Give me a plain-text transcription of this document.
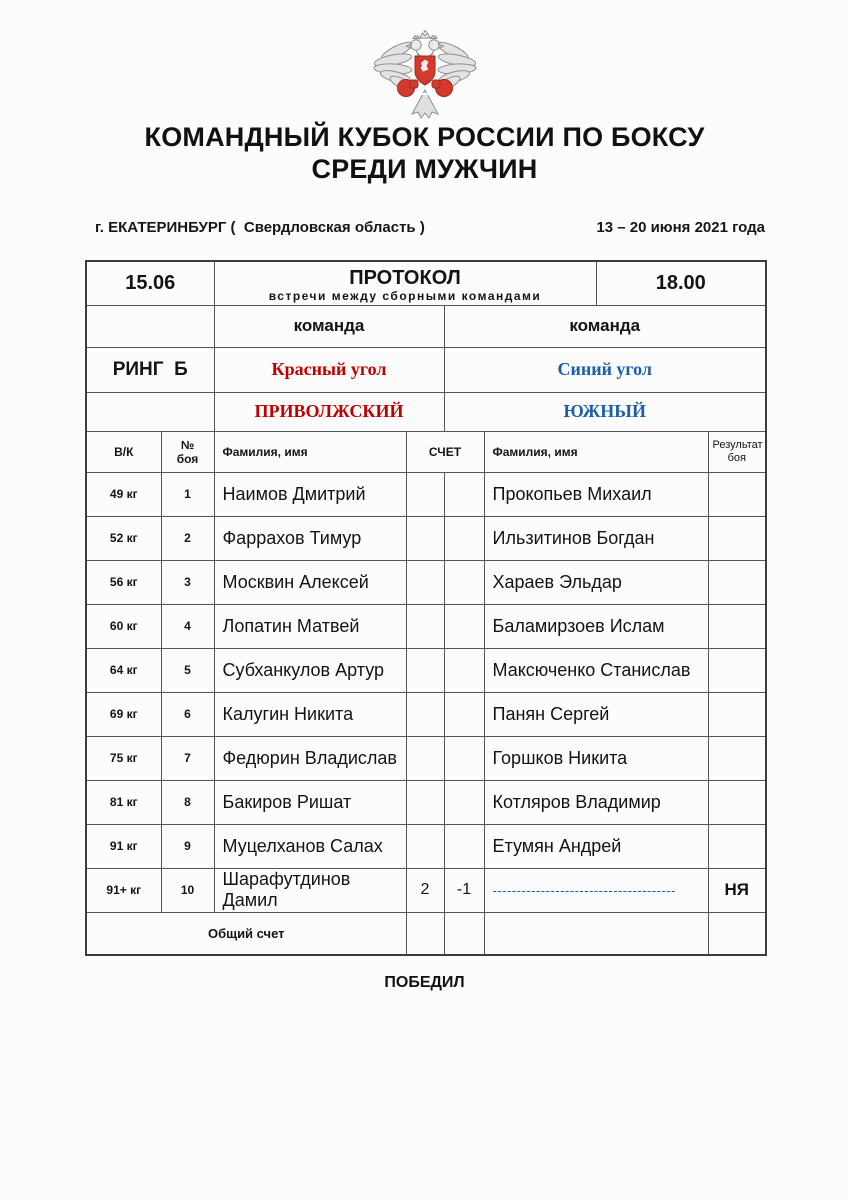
КОМАНДНЫЙ КУБОК РОССИИ ПО БОКСУ
СРЕДИ МУЖЧИН
г. ЕКАТЕРИНБУРГ (  Свердловская область )	13 – 20 июня 2021 года
15.06		ПРОТОКОЛ
встречи между сборными командами				18.00	
		команда		команда			
РИНГ  Б		Красный угол		Синий угол			
		ПРИВОЛЖСКИЙ		ЮЖНЫЙ			
В/К	№ боя	Фамилия, имя	СЧЕТ		Фамилия, имя		Результат боя
49 кг	1	Наимов Дмитрий			Прокопьев Михаил		
52 кг	2	Фаррахов Тимур			Ильзитинов Богдан		
56 кг	3	Москвин Алексей			Хараев Эльдар		
60 кг	4	Лопатин Матвей			Баламирзоев Ислам		
64 кг	5	Субханкулов Артур			Максюченко Станислав		
69 кг	6	Калугин Никита			Панян Сергей		
75 кг	7	Федюрин Владислав			Горшков Никита		
81 кг	8	Бакиров Ришат			Котляров Владимир		
91 кг	9	Муцелханов Салах			Етумян Андрей		
91+ кг	10	Шарафутдинов Дамил	2	-1	--------------------------------------		НЯ
Общий счет							
ПОБЕДИЛ
